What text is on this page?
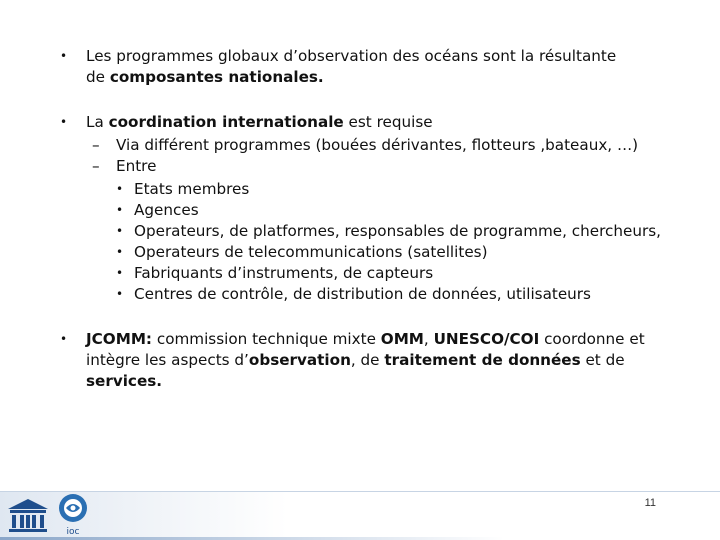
• Les programmes globaux d’observation des océans sont la résultante
de composantes nationales.
• La coordination internationale est requise
– Via différent programmes (bouées dérivantes, flotteurs ,bateaux, …)
– Entre
• Etats membres
• Agences
• Operateurs, de platformes, responsables de programme, chercheurs,
• Operateurs de telecommunications (satellites)
• Fabriquants d’instruments, de capteurs
• Centres de contrôle, de distribution de données, utilisateurs
• JCOMM: commission technique mixte OMM, UNESCO/COI coordonne et intègre les aspects d’observation, de traitement de données et de services.
ioc
11
